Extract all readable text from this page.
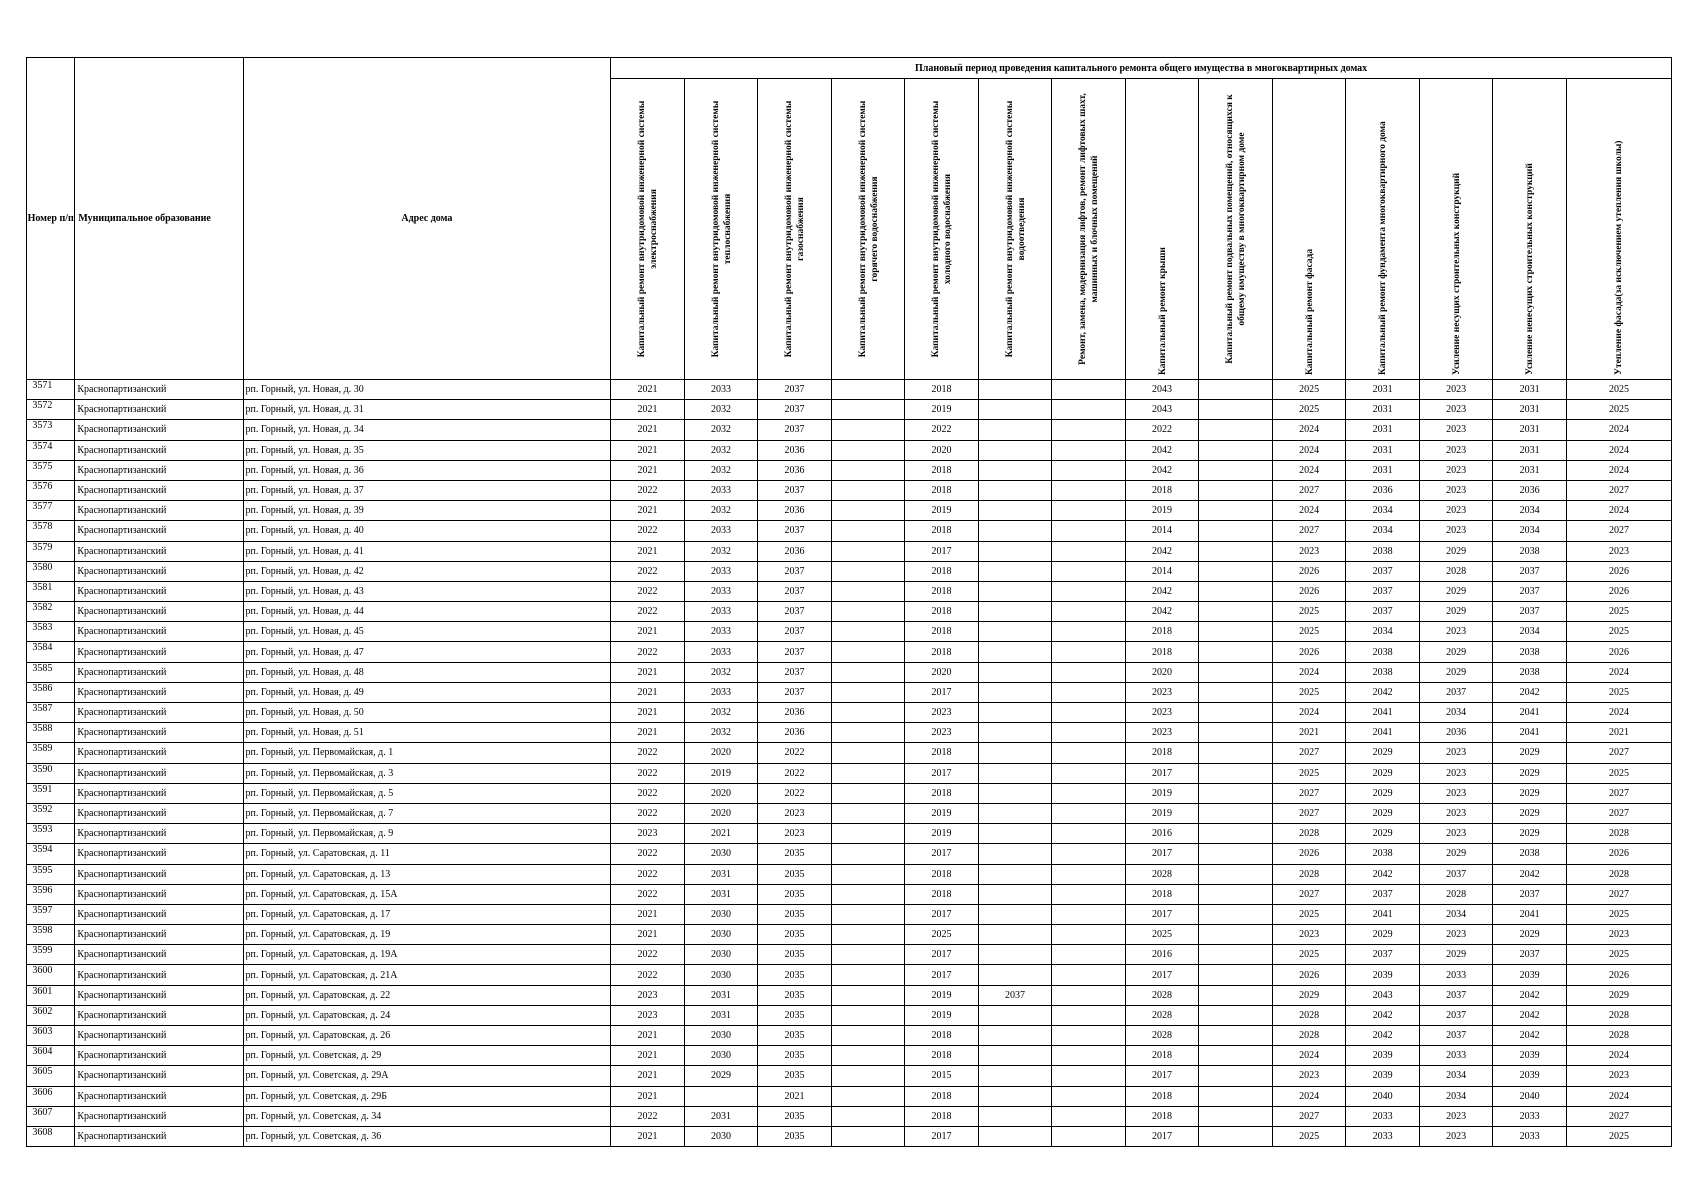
Номер п/п	Муниципальное образование	Адрес дома	Плановый период проведения капитального ремонта общего имущества в многоквартирных домах													

Капитальный ремонт внутридомовой инженерной системы электроснабжения	Капитальный ремонт внутридомовой инженерной системы теплоснабжения	Капитальный ремонт внутридомовой инженерной системы газоснабжения	Капитальный ремонт внутридомовой инженерной системы горячего водоснабжения	Капитальный ремонт внутридомовой инженерной системы холодного водоснабжения	Капитальный ремонт внутридомовой инженерной системы водоотведения	Ремонт, замена, модернизация лифтов, ремонт лифтовых шахт, машинных и блочных помещений	Капитальный ремонт крыши	Капитальный ремонт подвальных помещений, относящихся к общему имуществу в многоквартирном доме	Капитальный ремонт фасада	Капитальный ремонт фундамента многоквартирного дома	Усиление несущих строительных конструкций	Усиление ненесущих строительных конструкций	Утепление фасада(за исключением утепления школы)

3571	Краснопартизанский	рп. Горный, ул. Новая, д. 30	2021	2033	2037		2018			2043		2025	2031	2023	2031	2025
3572	Краснопартизанский	рп. Горный, ул. Новая, д. 31	2021	2032	2037		2019			2043		2025	2031	2023	2031	2025
3573	Краснопартизанский	рп. Горный, ул. Новая, д. 34	2021	2032	2037		2022			2022		2024	2031	2023	2031	2024
3574	Краснопартизанский	рп. Горный, ул. Новая, д. 35	2021	2032	2036		2020			2042		2024	2031	2023	2031	2024
3575	Краснопартизанский	рп. Горный, ул. Новая, д. 36	2021	2032	2036		2018			2042		2024	2031	2023	2031	2024
3576	Краснопартизанский	рп. Горный, ул. Новая, д. 37	2022	2033	2037		2018			2018		2027	2036	2023	2036	2027
3577	Краснопартизанский	рп. Горный, ул. Новая, д. 39	2021	2032	2036		2019			2019		2024	2034	2023	2034	2024
3578	Краснопартизанский	рп. Горный, ул. Новая, д. 40	2022	2033	2037		2018			2014		2027	2034	2023	2034	2027
3579	Краснопартизанский	рп. Горный, ул. Новая, д. 41	2021	2032	2036		2017			2042		2023	2038	2029	2038	2023
3580	Краснопартизанский	рп. Горный, ул. Новая, д. 42	2022	2033	2037		2018			2014		2026	2037	2028	2037	2026
3581	Краснопартизанский	рп. Горный, ул. Новая, д. 43	2022	2033	2037		2018			2042		2026	2037	2029	2037	2026
3582	Краснопартизанский	рп. Горный, ул. Новая, д. 44	2022	2033	2037		2018			2042		2025	2037	2029	2037	2025
3583	Краснопартизанский	рп. Горный, ул. Новая, д. 45	2021	2033	2037		2018			2018		2025	2034	2023	2034	2025
3584	Краснопартизанский	рп. Горный, ул. Новая, д. 47	2022	2033	2037		2018			2018		2026	2038	2029	2038	2026
3585	Краснопартизанский	рп. Горный, ул. Новая, д. 48	2021	2032	2037		2020			2020		2024	2038	2029	2038	2024
3586	Краснопартизанский	рп. Горный, ул. Новая, д. 49	2021	2033	2037		2017			2023		2025	2042	2037	2042	2025
3587	Краснопартизанский	рп. Горный, ул. Новая, д. 50	2021	2032	2036		2023			2023		2024	2041	2034	2041	2024
3588	Краснопартизанский	рп. Горный, ул. Новая, д. 51	2021	2032	2036		2023			2023		2021	2041	2036	2041	2021
3589	Краснопартизанский	рп. Горный, ул. Первомайская, д. 1	2022	2020	2022		2018			2018		2027	2029	2023	2029	2027
3590	Краснопартизанский	рп. Горный, ул. Первомайская, д. 3	2022	2019	2022		2017			2017		2025	2029	2023	2029	2025
3591	Краснопартизанский	рп. Горный, ул. Первомайская, д. 5	2022	2020	2022		2018			2019		2027	2029	2023	2029	2027
3592	Краснопартизанский	рп. Горный, ул. Первомайская, д. 7	2022	2020	2023		2019			2019		2027	2029	2023	2029	2027
3593	Краснопартизанский	рп. Горный, ул. Первомайская, д. 9	2023	2021	2023		2019			2016		2028	2029	2023	2029	2028
3594	Краснопартизанский	рп. Горный, ул. Саратовская, д. 11	2022	2030	2035		2017			2017		2026	2038	2029	2038	2026
3595	Краснопартизанский	рп. Горный, ул. Саратовская, д. 13	2022	2031	2035		2018			2028		2028	2042	2037	2042	2028
3596	Краснопартизанский	рп. Горный, ул. Саратовская, д. 15А	2022	2031	2035		2018			2018		2027	2037	2028	2037	2027
3597	Краснопартизанский	рп. Горный, ул. Саратовская, д. 17	2021	2030	2035		2017			2017		2025	2041	2034	2041	2025
3598	Краснопартизанский	рп. Горный, ул. Саратовская, д. 19	2021	2030	2035		2025			2025		2023	2029	2023	2029	2023
3599	Краснопартизанский	рп. Горный, ул. Саратовская, д. 19А	2022	2030	2035		2017			2016		2025	2037	2029	2037	2025
3600	Краснопартизанский	рп. Горный, ул. Саратовская, д. 21А	2022	2030	2035		2017			2017		2026	2039	2033	2039	2026
3601	Краснопартизанский	рп. Горный, ул. Саратовская, д. 22	2023	2031	2035		2019	2037		2028		2029	2043	2037	2042	2029
3602	Краснопартизанский	рп. Горный, ул. Саратовская, д. 24	2023	2031	2035		2019			2028		2028	2042	2037	2042	2028
3603	Краснопартизанский	рп. Горный, ул. Саратовская, д. 26	2021	2030	2035		2018			2028		2028	2042	2037	2042	2028
3604	Краснопартизанский	рп. Горный, ул. Советская, д. 29	2021	2030	2035		2018			2018		2024	2039	2033	2039	2024
3605	Краснопартизанский	рп. Горный, ул. Советская, д. 29А	2021	2029	2035		2015			2017		2023	2039	2034	2039	2023
3606	Краснопартизанский	рп. Горный, ул. Советская, д. 29Б	2021		2021		2018			2018		2024	2040	2034	2040	2024
3607	Краснопартизанский	рп. Горный, ул. Советская, д. 34	2022	2031	2035		2018			2018		2027	2033	2023	2033	2027
3608	Краснопартизанский	рп. Горный, ул. Советская, д. 36	2021	2030	2035		2017			2017		2025	2033	2023	2033	2025
